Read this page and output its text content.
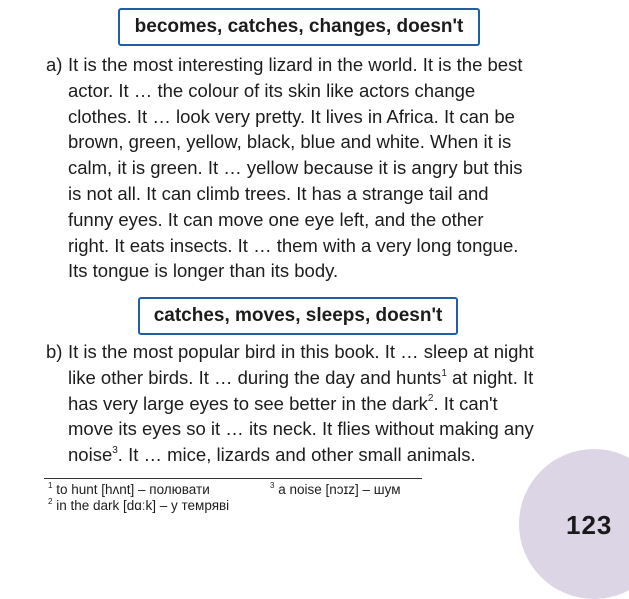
becomes, catches, changes, doesn't
a) It is the most interesting lizard in the world. It is the best
actor. It … the colour of its skin like actors change
clothes. It … look very pretty. It lives in Africa. It can be
brown, green, yellow, black, blue and white. When it is
calm, it is green. It … yellow because it is angry but this
is not all. It can climb trees. It has a strange tail and
funny eyes. It can move one eye left, and the other
right. It eats insects. It … them with a very long tongue.
Its tongue is longer than its body.
catches, moves, sleeps, doesn't
b) It is the most popular bird in this book. It … sleep at night
like other birds. It … during the day and hunts$^1$ at night. It
has very large eyes to see better in the dark$^2$. It can't
move its eyes so it … its neck. It flies without making any
noise$^3$. It … mice, lizards and other small animals.
$^1$ to hunt [hʌnt] – полювати	$^3$ a noise [nɔɪz] – шум
$^2$ in the dark [dɑːk] – у темряві
123
